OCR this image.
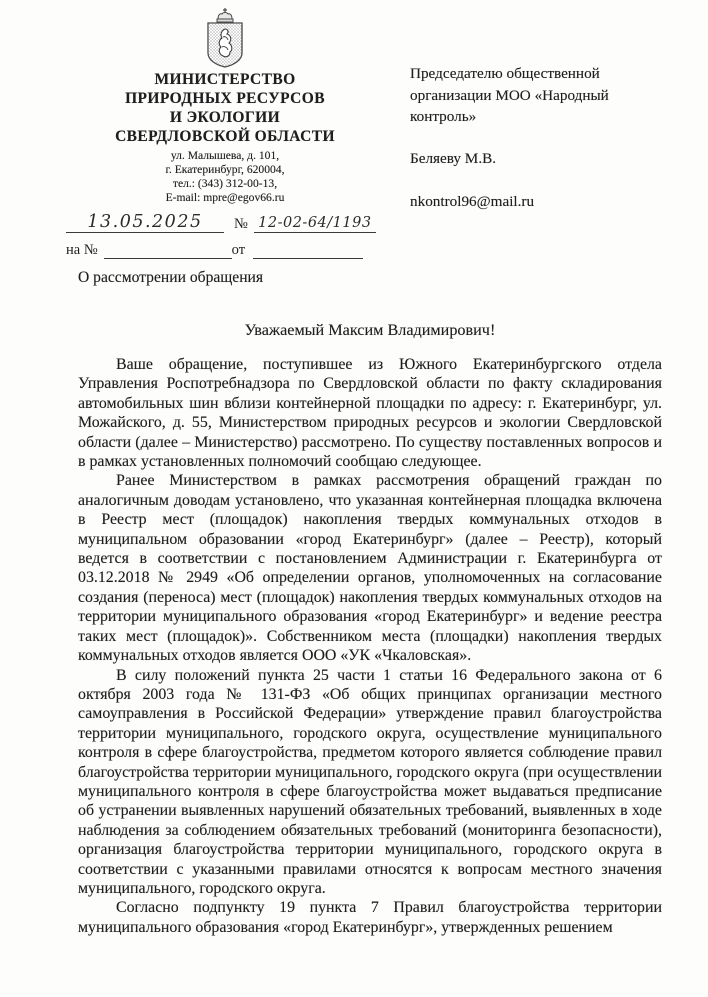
МИНИСТЕРСТВО
ПРИРОДНЫХ РЕСУРСОВ
И ЭКОЛОГИИ
СВЕРДЛОВСКОЙ ОБЛАСТИ
ул. Малышева, д. 101,
г. Екатеринбург, 620004,
тел.: (343) 312-00-13,
E-mail: mpre@egov66.ru
Председателю общественной организации МОО «Народный контроль»
Беляеву М.В.
nkontrol96@mail.ru
13.05.2025	№ 12-02-64/1193
на №	от
О рассмотрении обращения
Уважаемый Максим Владимирович!

Ваше обращение, поступившее из Южного Екатеринбургского отдела Управления Роспотребнадзора по Свердловской области по факту складирования автомобильных шин вблизи контейнерной площадки по адресу: г. Екатеринбург, ул. Можайского, д. 55, Министерством природных ресурсов и экологии Свердловской области (далее – Министерство) рассмотрено. По существу поставленных вопросов и в рамках установленных полномочий сообщаю следующее.

Ранее Министерством в рамках рассмотрения обращений граждан по аналогичным доводам установлено, что указанная контейнерная площадка включена в Реестр мест (площадок) накопления твердых коммунальных отходов в муниципальном образовании «город Екатеринбург» (далее – Реестр), который ведется в соответствии с постановлением Администрации г. Екатеринбурга от 03.12.2018 № 2949 «Об определении органов, уполномоченных на согласование создания (переноса) мест (площадок) накопления твердых коммунальных отходов на территории муниципального образования «город Екатеринбург» и ведение реестра таких мест (площадок)». Собственником места (площадки) накопления твердых коммунальных отходов является ООО «УК «Чкаловская».

В силу положений пункта 25 части 1 статьи 16 Федерального закона от 6 октября 2003 года № 131-ФЗ «Об общих принципах организации местного самоуправления в Российской Федерации» утверждение правил благоустройства территории муниципального, городского округа, осуществление муниципального контроля в сфере благоустройства, предметом которого является соблюдение правил благоустройства территории муниципального, городского округа (при осуществлении муниципального контроля в сфере благоустройства может выдаваться предписание об устранении выявленных нарушений обязательных требований, выявленных в ходе наблюдения за соблюдением обязательных требований (мониторинга безопасности), организация благоустройства территории муниципального, городского округа в соответствии с указанными правилами относятся к вопросам местного значения муниципального, городского округа.

Согласно подпункту 19 пункта 7 Правил благоустройства территории муниципального образования «город Екатеринбург», утвержденных решением
